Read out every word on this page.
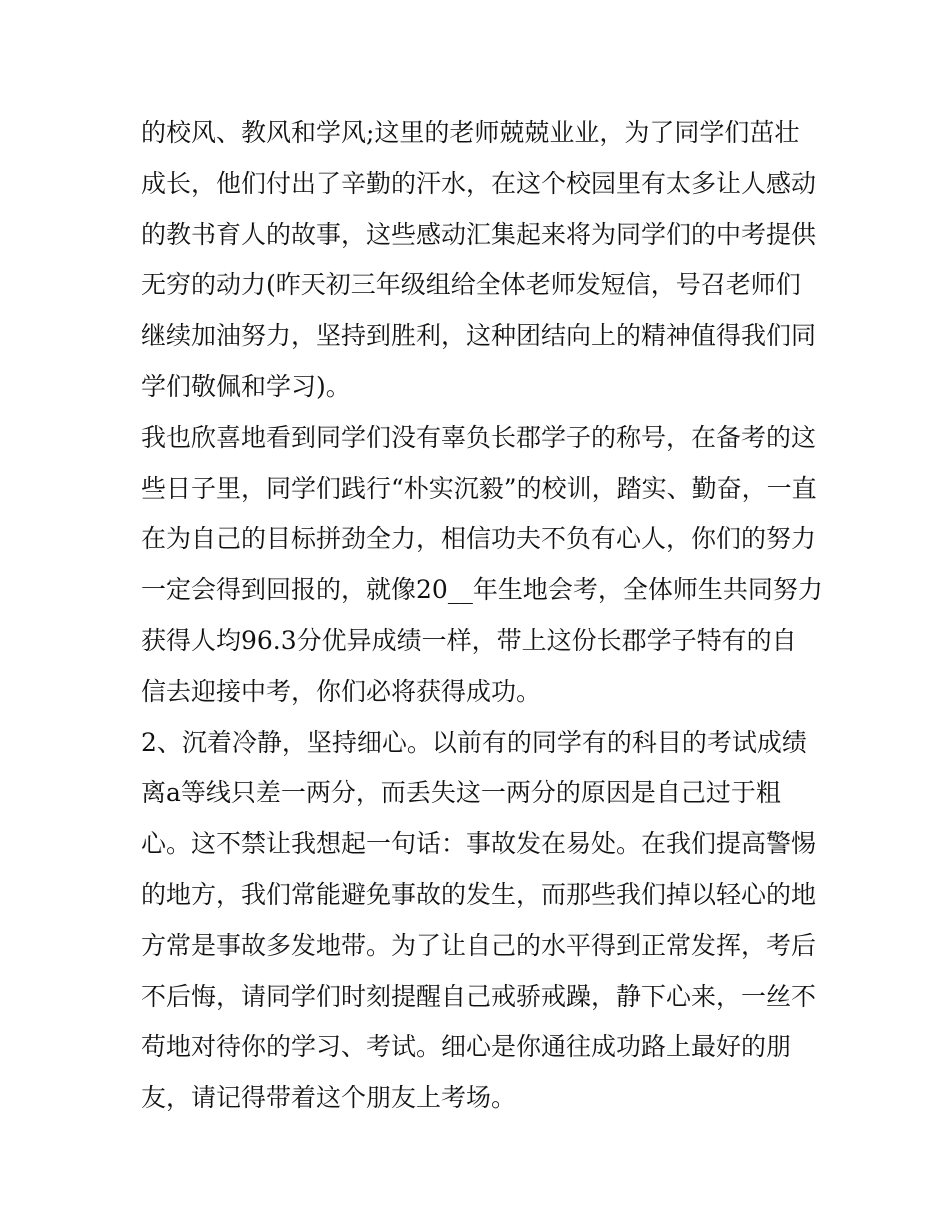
的校风、教风和学风;这里的老师兢兢业业，为了同学们茁壮
成长，他们付出了辛勤的汗水，在这个校园里有太多让人感动
的教书育人的故事，这些感动汇集起来将为同学们的中考提供
无穷的动力(昨天初三年级组给全体老师发短信，号召老师们
继续加油努力，坚持到胜利，这种团结向上的精神值得我们同
学们敬佩和学习)。
我也欣喜地看到同学们没有辜负长郡学子的称号，在备考的这
些日子里，同学们践行“朴实沉毅”的校训，踏实、勤奋，一直
在为自己的目标拼劲全力，相信功夫不负有心人，你们的努力
一定会得到回报的，就像20__年生地会考，全体师生共同努力
获得人均96.3分优异成绩一样，带上这份长郡学子特有的自
信去迎接中考，你们必将获得成功。
2、沉着冷静，坚持细心。以前有的同学有的科目的考试成绩
离a等线只差一两分，而丢失这一两分的原因是自己过于粗
心。这不禁让我想起一句话：事故发在易处。在我们提高警惕
的地方，我们常能避免事故的发生，而那些我们掉以轻心的地
方常是事故多发地带。为了让自己的水平得到正常发挥，考后
不后悔，请同学们时刻提醒自己戒骄戒躁，静下心来，一丝不
苟地对待你的学习、考试。细心是你通往成功路上最好的朋
友，请记得带着这个朋友上考场。
